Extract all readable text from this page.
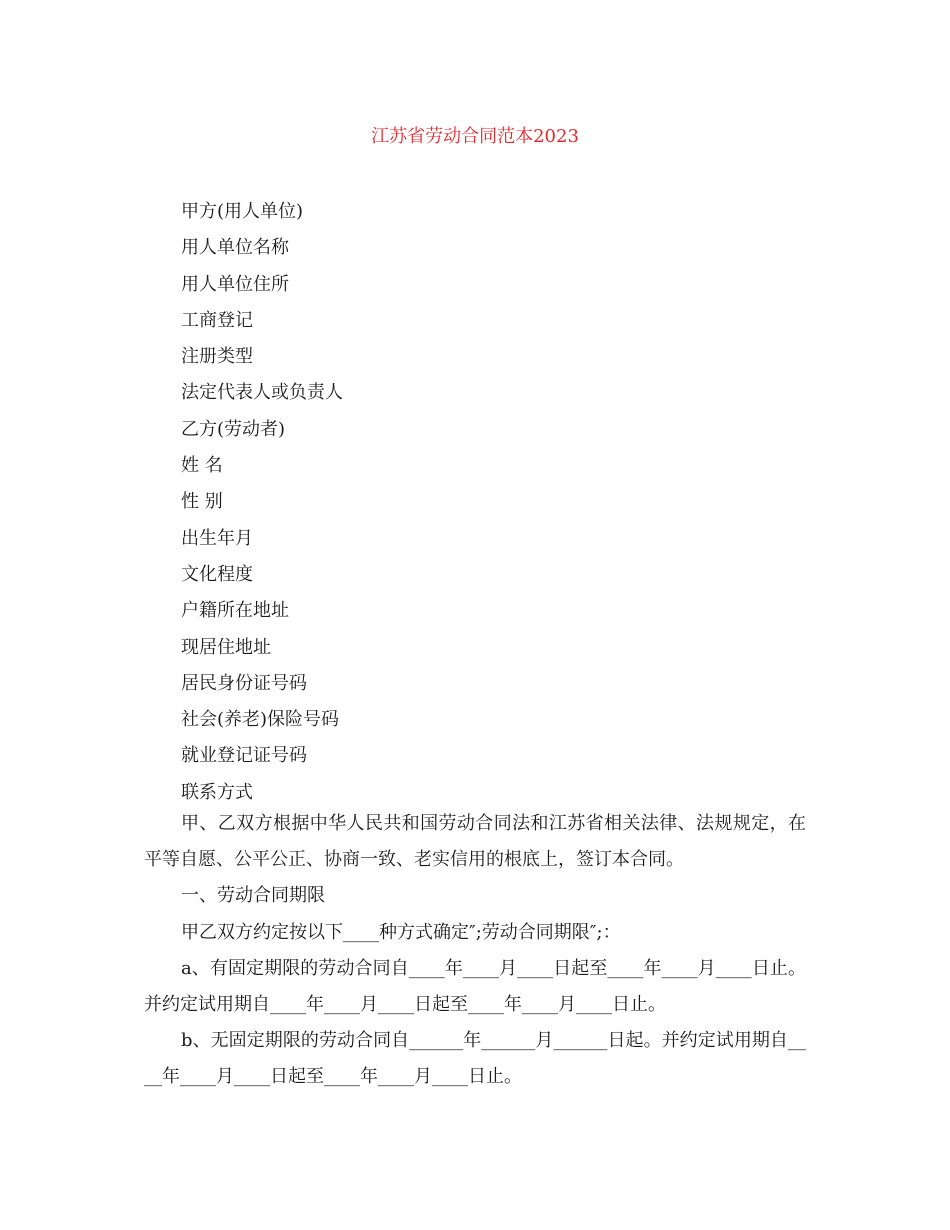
江苏省劳动合同范本2023
甲方(用人单位)
用人单位名称
用人单位住所
工商登记
注册类型
法定代表人或负责人
乙方(劳动者)
姓 名
性 别
出生年月
文化程度
户籍所在地址
现居住地址
居民身份证号码
社会(养老)保险号码
就业登记证号码
联系方式

甲、乙双方根据中华人民共和国劳动合同法和江苏省相关法律、法规规定，在平等自愿、公平公正、协商一致、老实信用的根底上，签订本合同。

一、劳动合同期限

甲乙双方约定按以下____种方式确定″;劳动合同期限″;：

a、有固定期限的劳动合同自____年____月____日起至____年____月____日止。并约定试用期自____年____月____日起至____年____月____日止。

b、无固定期限的劳动合同自______年______月______日起。并约定试用期自____年____月____日起至____年____月____日止。
